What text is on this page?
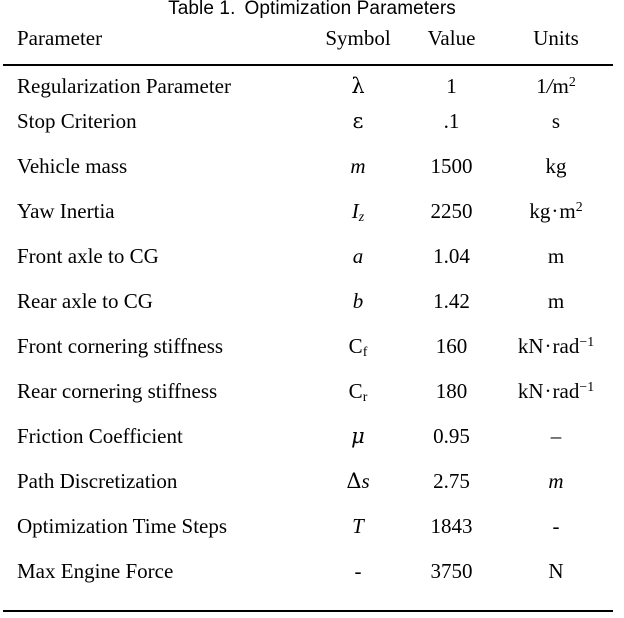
Table 1. Optimization Parameters
Parameter	Symbol	Value	Units
Regularization Parameter	λ	1	$1/m^2$
Stop Criterion	ε	.1	s
Vehicle mass	m	1500	kg
Yaw Inertia	$I_z$	2250	$kg\cdot m^2$
Front axle to CG	a	1.04	m
Rear axle to CG	b	1.42	m
Front cornering stiffness	$C_f$	160	kN·rad$^{-1}$
Rear cornering stiffness	$C_r$	180	kN·rad$^{-1}$
Friction Coefficient	μ	0.95	–
Path Discretization	Δs	2.75	m
Optimization Time Steps	T	1843	-
Max Engine Force	-	3750	N
